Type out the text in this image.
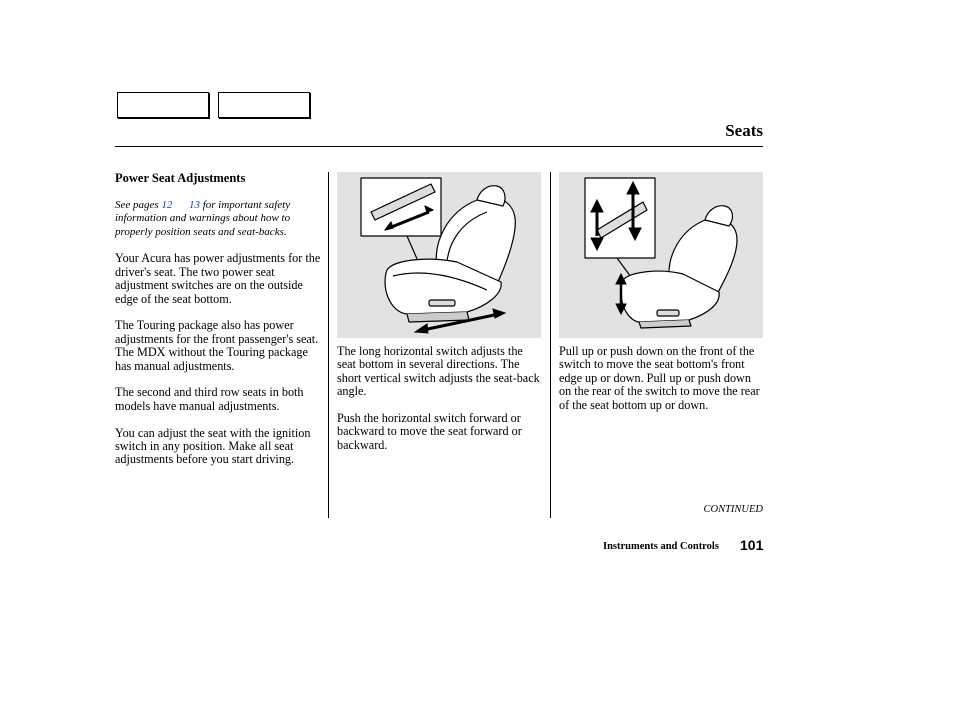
Seats

Power Seat Adjustments

See pages 12 13 for important safety information and warnings about how to properly position seats and seat-backs.

Your Acura has power adjustments for the driver's seat. The two power seat adjustment switches are on the outside edge of the seat bottom.

The Touring package also has power adjustments for the front passenger's seat. The MDX without the Touring package has manual adjustments.

The second and third row seats in both models have manual adjustments.

You can adjust the seat with the ignition switch in any position. Make all seat adjustments before you start driving.

The long horizontal switch adjusts the seat bottom in several directions. The short vertical switch adjusts the seat-back angle.

Push the horizontal switch forward or backward to move the seat forward or backward.

Pull up or push down on the front of the switch to move the seat bottom's front edge up or down. Pull up or push down on the rear of the switch to move the rear of the seat bottom up or down.

CONTINUED
Instruments and Controls 101
